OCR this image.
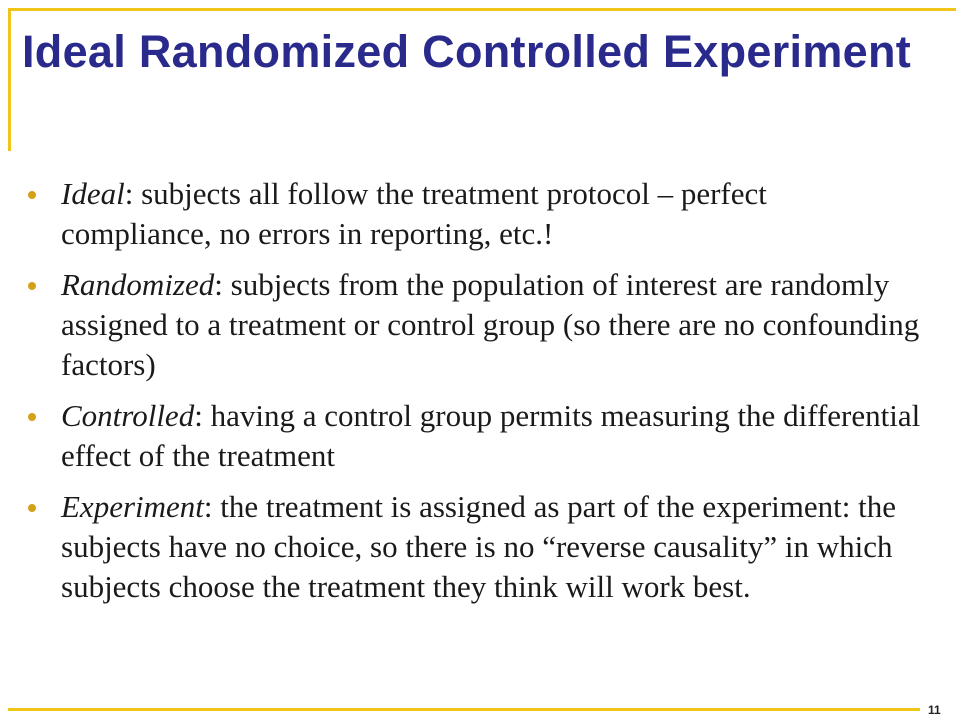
Ideal Randomized Controlled Experiment
Ideal: subjects all follow the treatment protocol – perfect compliance, no errors in reporting, etc.!
Randomized: subjects from the population of interest are randomly assigned to a treatment or control group (so there are no confounding factors)
Controlled: having a control group permits measuring the differential effect of the treatment
Experiment: the treatment is assigned as part of the experiment: the subjects have no choice, so there is no “reverse causality” in which subjects choose the treatment they think will work best.
11
